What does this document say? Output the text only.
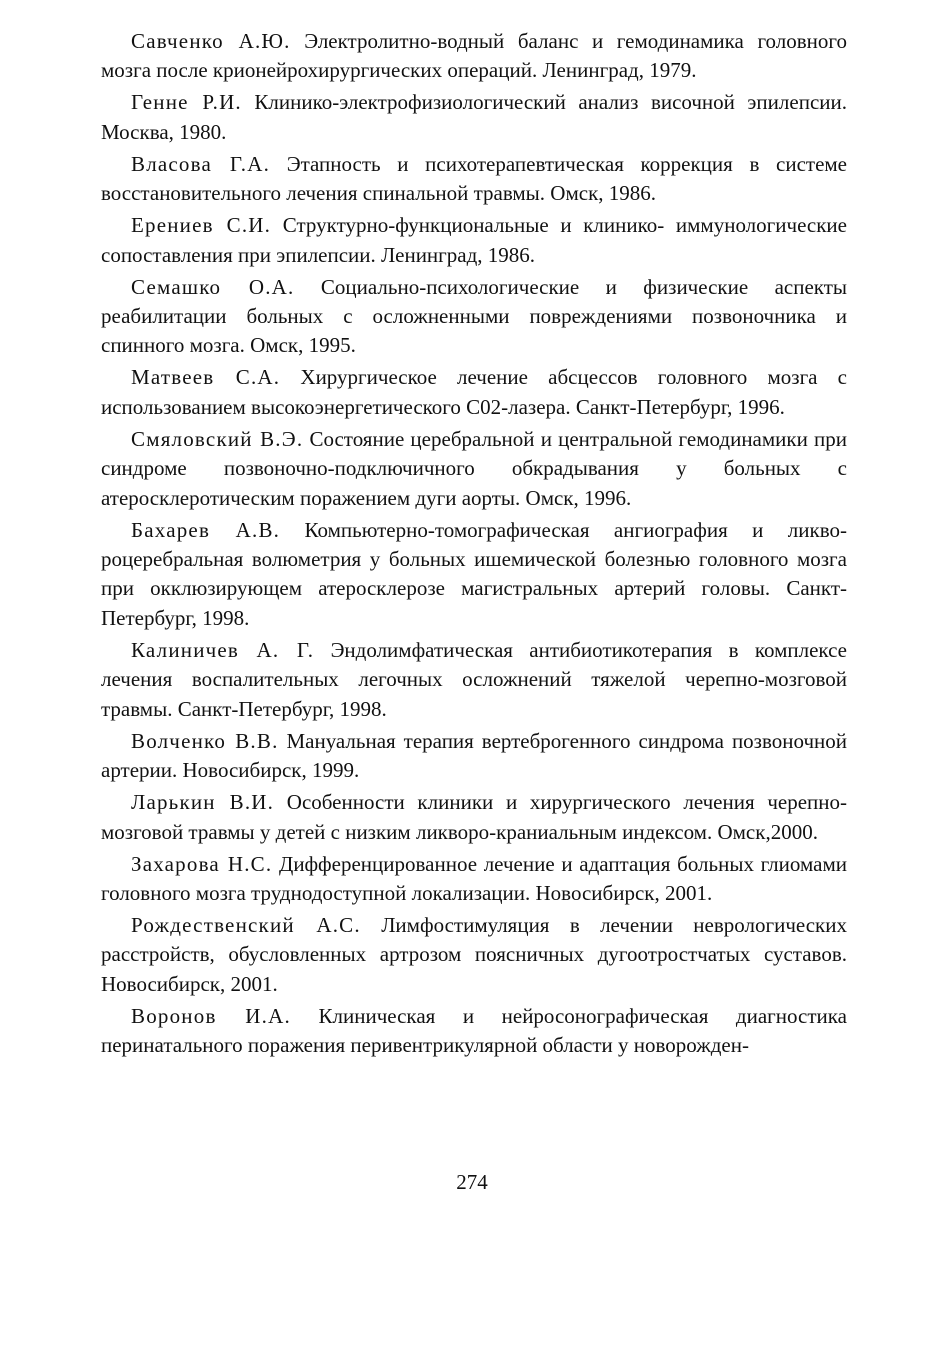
Савченко А.Ю. Электролитно-водный баланс и гемодинамика головного мозга после крионейрохирургических операций. Ленинград, 1979.

Генне Р.И. Клинико-электрофизиологический анализ височной эпилепсии. Москва, 1980.

Власова Г.А. Этапность и психотерапевтическая коррекция в системе восстановительного лечения спинальной травмы. Омск, 1986.

Ерениев С.И. Структурно-функциональные и клинико- иммунологические сопоставления при эпилепсии. Ленинград, 1986.

Семашко О.А. Социально-психологические и физические аспекты реабилитации больных с осложненными повреждениями позвоночника и спинного мозга. Омск, 1995.

Матвеев С.А. Хирургическое лечение абсцессов головного мозга с использованием высокоэнергетического С02-лазера. Санкт-Петербург, 1996.

Смяловский В.Э. Состояние церебральной и центральной гемодинамики при синдроме позвоночно-подключичного обкрадывания у больных с атеросклеротическим поражением дуги аорты. Омск, 1996.

Бахарев А.В. Компьютерно-томографическая ангиография и ликвороцеребральная волюметрия у больных ишемической болезнью головного мозга при окклюзирующем атеросклерозе магистральных артерий головы. Санкт-Петербург, 1998.

Калиничев А. Г. Эндолимфатическая антибиотикотерапия в комплексе лечения воспалительных легочных осложнений тяжелой черепно-мозговой травмы. Санкт-Петербург, 1998.

Волченко В.В. Мануальная терапия вертеброгенного синдрома позвоночной артерии. Новосибирск, 1999.

Ларькин В.И. Особенности клиники и хирургического лечения черепно-мозговой травмы у детей с низким ликворо-краниальным индексом. Омск,2000.

Захарова Н.С. Дифференцированное лечение и адаптация больных глиомами головного мозга труднодоступной локализации. Новосибирск, 2001.

Рождественский А.С. Лимфостимуляция в лечении неврологических расстройств, обусловленных артрозом поясничных дугоотростчатых суставов. Новосибирск, 2001.

Воронов И.А. Клиническая и нейросонографическая диагностика перинатального поражения перивентрикулярной области у новорожден-

274
